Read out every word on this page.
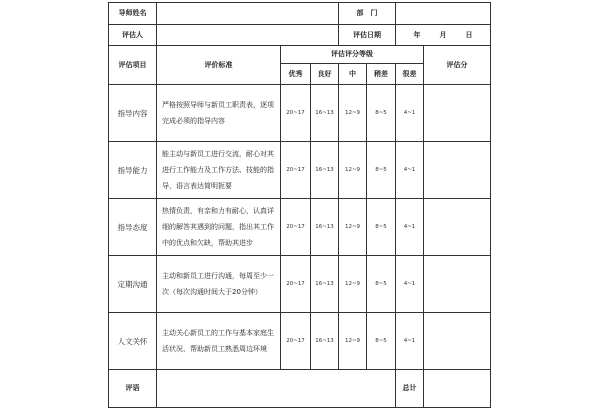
导师姓名				部　门			
评估人				评估日期		年 月 日	

评估项目	评价标准	评估评分等级					评估分
		优秀	良好	中	稍差	很差	
指导内容	严格按照导师与新员工职责表，逐项完成必须的指导内容	20~17	16~13	12~9	8~5	4~1	
指导能力	能主动与新员工进行交流，耐心对其进行工作能力及工作方法、技能的指导，语言表达简明扼要	20~17	16~13	12~9	8~5	4~1	
指导态度	热情负责，有亲和力有耐心，认真详细的解答其遇到的问题，指出其工作中的优点和欠缺，帮助其进步	20~17	16~13	12~9	8~5	4~1	
定期沟通	主动和新员工进行沟通，每周至少一次（每次沟通时间大于20分钟）	20~17	16~13	12~9	8~5	4~1	
人文关怀	主动关心新员工的工作与基本家庭生活状况，帮助新员工熟悉周边环境	20~17	16~13	12~9	8~5	4~1	
评语						总计	
